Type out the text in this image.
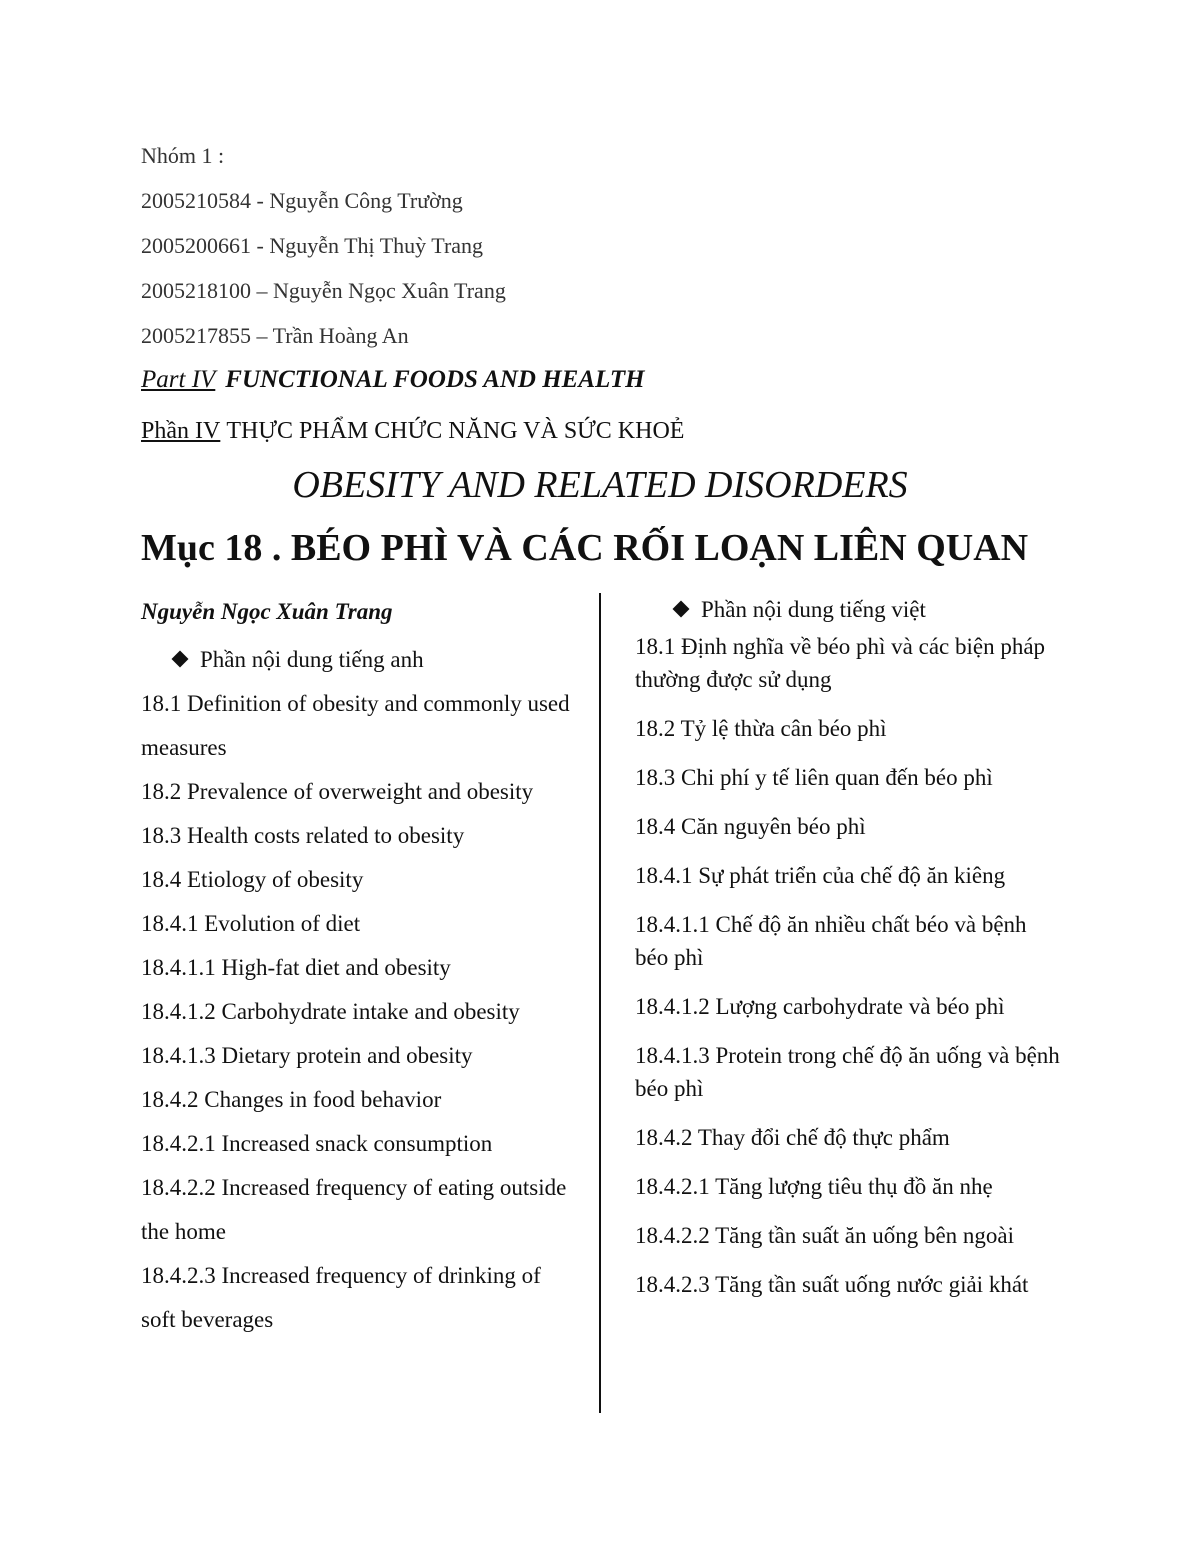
Nhóm 1 :
2005210584 - Nguyễn Công Trường
2005200661 - Nguyễn Thị Thuỳ Trang
2005218100 – Nguyễn Ngọc Xuân Trang
2005217855 – Trần Hoàng An
Part IV FUNCTIONAL FOODS AND HEALTH
Phần IV THỰC PHẨM CHỨC NĂNG VÀ SỨC KHOẺ
OBESITY AND RELATED DISORDERS
Mục 18 . BÉO PHÌ VÀ CÁC RỐI LOẠN LIÊN QUAN
Nguyễn Ngọc Xuân Trang
Phần nội dung tiếng anh
18.1 Definition of obesity and commonly used measures
18.2 Prevalence of overweight and obesity
18.3 Health costs related to obesity
18.4 Etiology of obesity
18.4.1 Evolution of diet
18.4.1.1 High-fat diet and obesity
18.4.1.2 Carbohydrate intake and obesity
18.4.1.3 Dietary protein and obesity
18.4.2 Changes in food behavior
18.4.2.1 Increased snack consumption
18.4.2.2 Increased frequency of eating outside the home
18.4.2.3 Increased frequency of drinking of soft beverages
Phần nội dung tiếng việt
18.1 Định nghĩa về béo phì và các biện pháp thường được sử dụng
18.2 Tỷ lệ thừa cân béo phì
18.3 Chi phí y tế liên quan đến béo phì
18.4 Căn nguyên béo phì
18.4.1 Sự phát triển của chế độ ăn kiêng
18.4.1.1 Chế độ ăn nhiều chất béo và bệnh béo phì
18.4.1.2 Lượng carbohydrate và béo phì
18.4.1.3 Protein trong chế độ ăn uống và bệnh béo phì
18.4.2 Thay đổi chế độ thực phẩm
18.4.2.1 Tăng lượng tiêu thụ đồ ăn nhẹ
18.4.2.2 Tăng tần suất ăn uống bên ngoài
18.4.2.3 Tăng tần suất uống nước giải khát
